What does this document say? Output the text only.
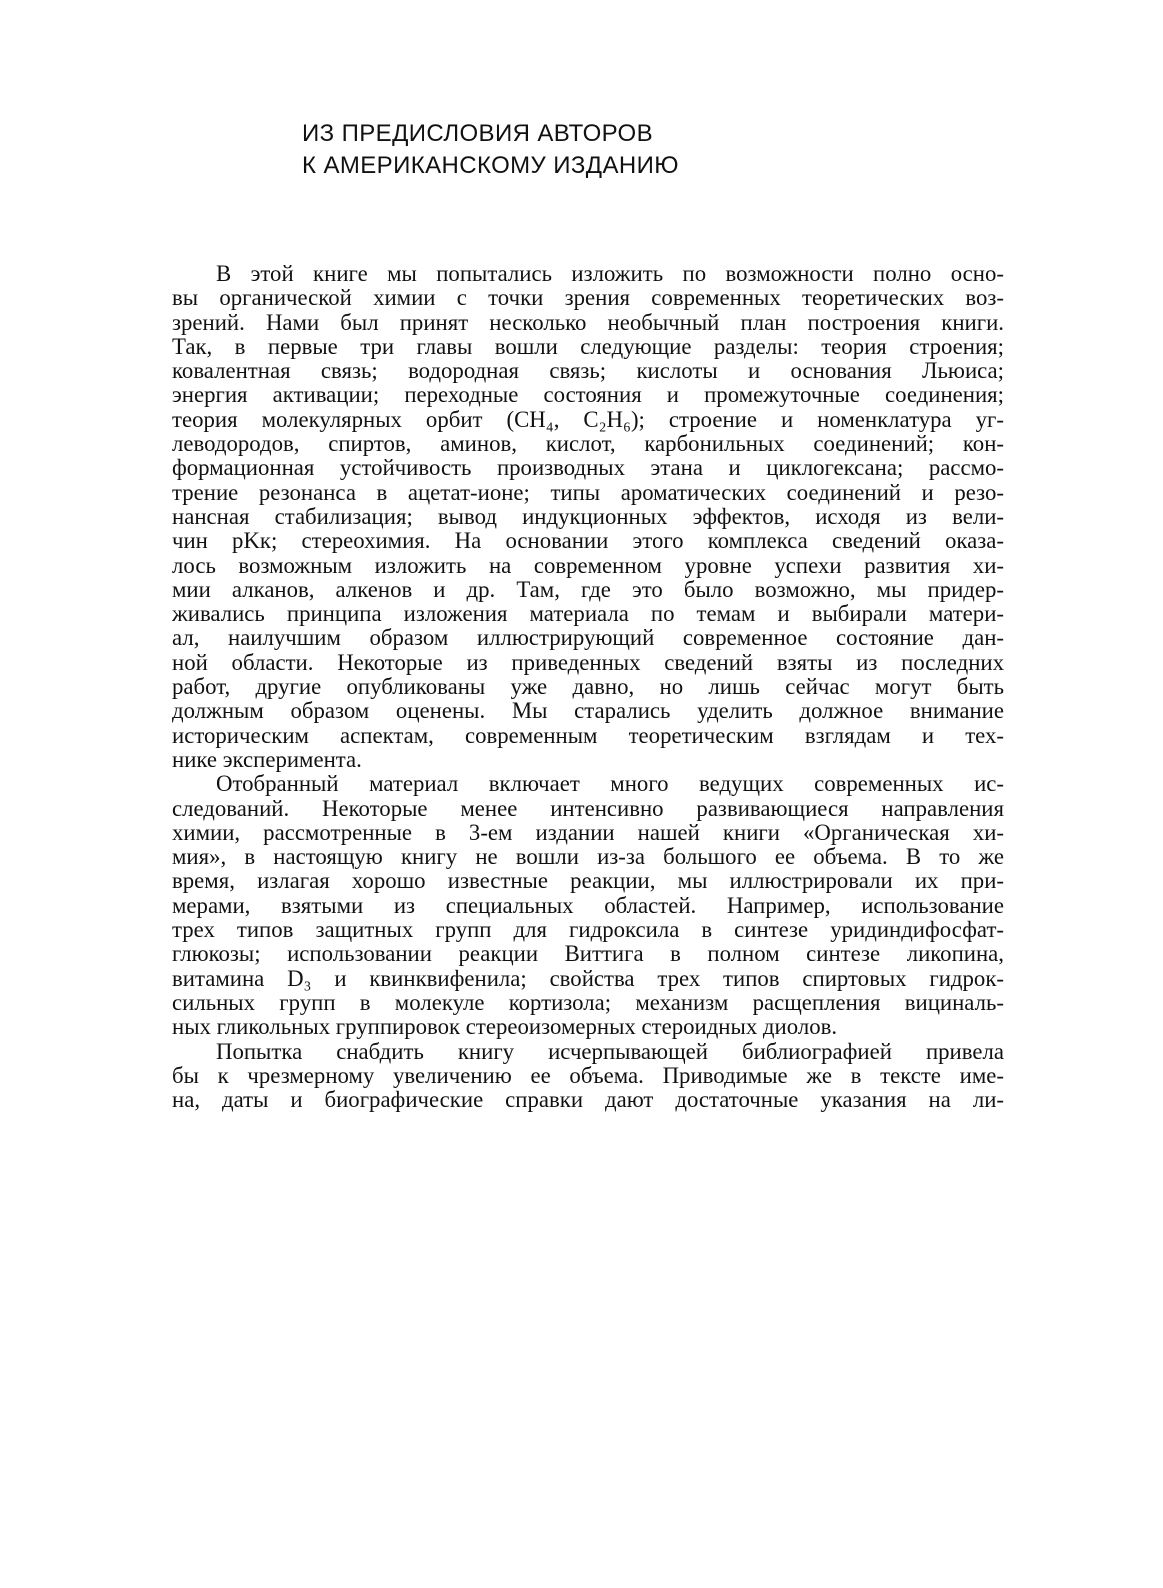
ИЗ ПРЕДИСЛОВИЯ АВТОРОВ
К АМЕРИКАНСКОМУ ИЗДАНИЮ
В этой книге мы попытались изложить по возможности полно осно-
вы органической химии с точки зрения современных теоретических воз-
зрений. Нами был принят несколько необычный план построения книги.
Так, в первые три главы вошли следующие разделы: теория строения;
ковалентная связь; водородная связь; кислоты и основания Льюиса;
энергия активации; переходные состояния и промежуточные соединения;
теория молекулярных орбит (CH₄, C₂H₆); строение и номенклатура уг-
леводородов, спиртов, аминов, кислот, карбонильных соединений; кон-
формационная устойчивость производных этана и циклогексана; рассмо-
трение резонанса в ацетат-ионе; типы ароматических соединений и резо-
нансная стабилизация; вывод индукционных эффектов, исходя из вели-
чин pKк; стереохимия. На основании этого комплекса сведений оказа-
лось возможным изложить на современном уровне успехи развития хи-
мии алканов, алкенов и др. Там, где это было возможно, мы придер-
живались принципа изложения материала по темам и выбирали матери-
ал, наилучшим образом иллюстрирующий современное состояние дан-
ной области. Некоторые из приведенных сведений взяты из последних
работ, другие опубликованы уже давно, но лишь сейчас могут быть
должным образом оценены. Мы старались уделить должное внимание
историческим аспектам, современным теоретическим взглядам и тех-
нике эксперимента.
Отобранный материал включает много ведущих современных ис-
следований. Некоторые менее интенсивно развивающиеся направления
химии, рассмотренные в 3-ем издании нашей книги «Органическая хи-
мия», в настоящую книгу не вошли из-за большого ее объема. В то же
время, излагая хорошо известные реакции, мы иллюстрировали их при-
мерами, взятыми из специальных областей. Например, использование
трех типов защитных групп для гидроксила в синтезе уридиндифосфат-
глюкозы; использовании реакции Виттига в полном синтезе ликопина,
витамина D₃ и квинквифенила; свойства трех типов спиртовых гидрок-
сильных групп в молекуле кортизола; механизм расщепления вициналь-
ных гликольных группировок стереоизомерных стероидных диолов.
Попытка снабдить книгу исчерпывающей библиографией привела
бы к чрезмерному увеличению ее объема. Приводимые же в тексте име-
на, даты и биографические справки дают достаточные указания на ли-
